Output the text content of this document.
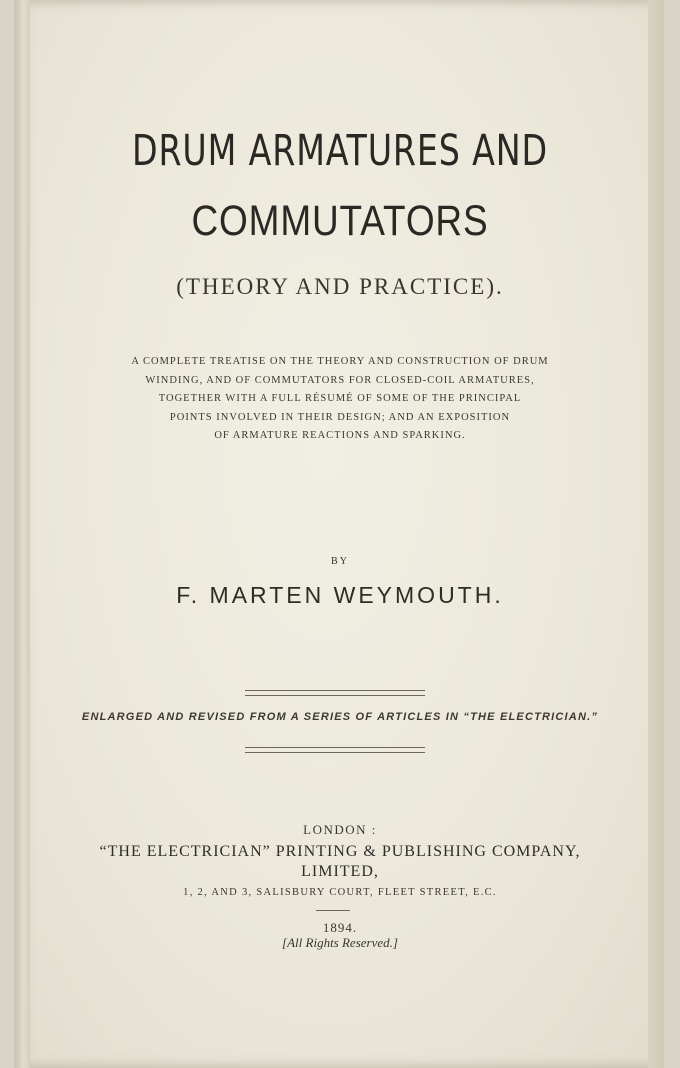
DRUM ARMATURES AND
COMMUTATORS
(THEORY AND PRACTICE).
A COMPLETE TREATISE ON THE THEORY AND CONSTRUCTION OF DRUM
WINDING, AND OF COMMUTATORS FOR CLOSED-COIL ARMATURES,
TOGETHER WITH A FULL RÉSUMÉ OF SOME OF THE PRINCIPAL
POINTS INVOLVED IN THEIR DESIGN; AND AN EXPOSITION
OF ARMATURE REACTIONS AND SPARKING.
BY
F. MARTEN WEYMOUTH.
ENLARGED AND REVISED FROM A SERIES OF ARTICLES IN “THE ELECTRICIAN.”
LONDON :
“THE ELECTRICIAN” PRINTING & PUBLISHING COMPANY,
LIMITED,
1, 2, AND 3, SALISBURY COURT, FLEET STREET, E.C.
1894.
[All Rights Reserved.]
